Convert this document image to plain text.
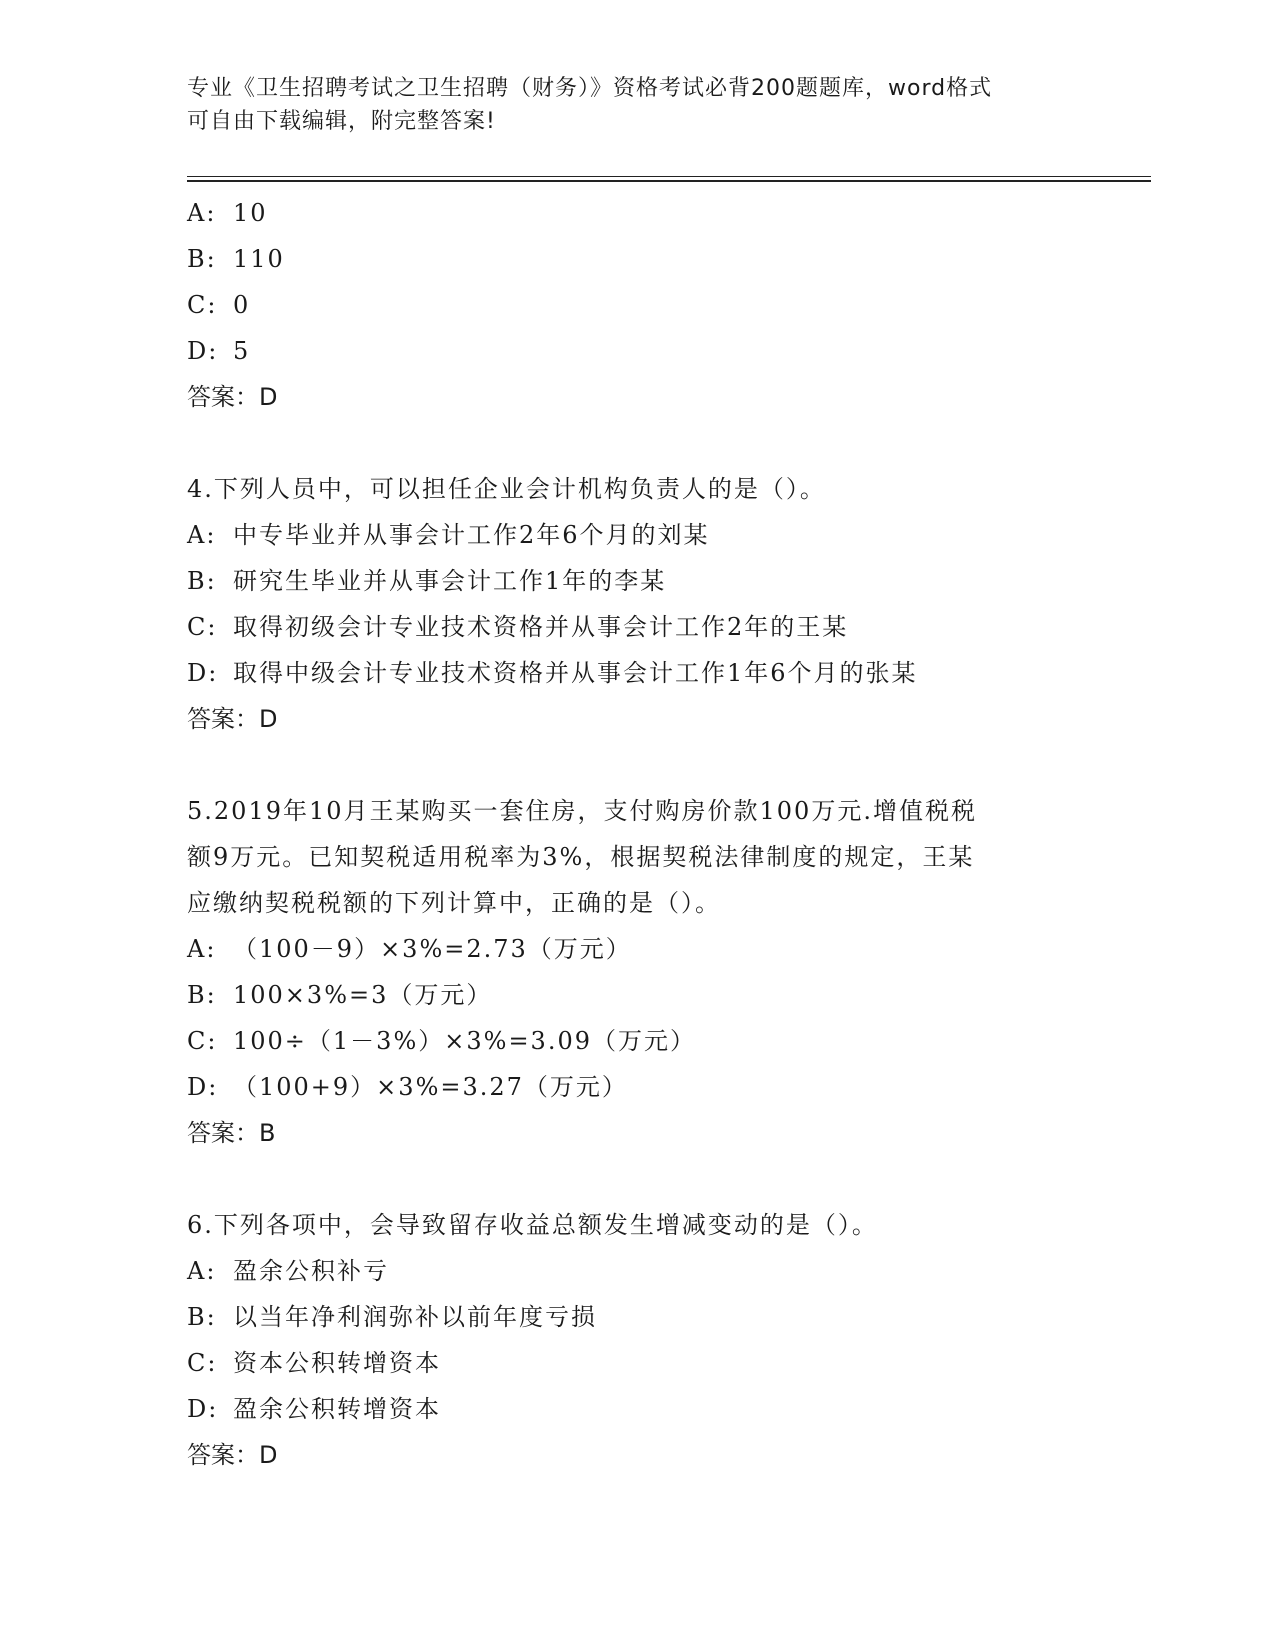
专业《卫生招聘考试之卫生招聘（财务）》资格考试必背200题题库，word格式
可自由下载编辑，附完整答案!
A: 10
B: 110
C: 0
D: 5
答案：D
4.下列人员中，可以担任企业会计机构负责人的是（）。
A: 中专毕业并从事会计工作2年6个月的刘某
B: 研究生毕业并从事会计工作1年的李某
C: 取得初级会计专业技术资格并从事会计工作2年的王某
D: 取得中级会计专业技术资格并从事会计工作1年6个月的张某
答案：D
5.2019年10月王某购买一套住房，支付购房价款100万元.增值税税
额9万元。已知契税适用税率为3%，根据契税法律制度的规定，王某
应缴纳契税税额的下列计算中，正确的是（）。
A: （100－9）×3%=2.73（万元）
B: 100×3%=3（万元）
C: 100÷（1－3%）×3%=3.09（万元）
D: （100+9）×3%=3.27（万元）
答案：B
6.下列各项中，会导致留存收益总额发生增减变动的是（）。
A: 盈余公积补亏
B: 以当年净利润弥补以前年度亏损
C: 资本公积转增资本
D: 盈余公积转增资本
答案：D
